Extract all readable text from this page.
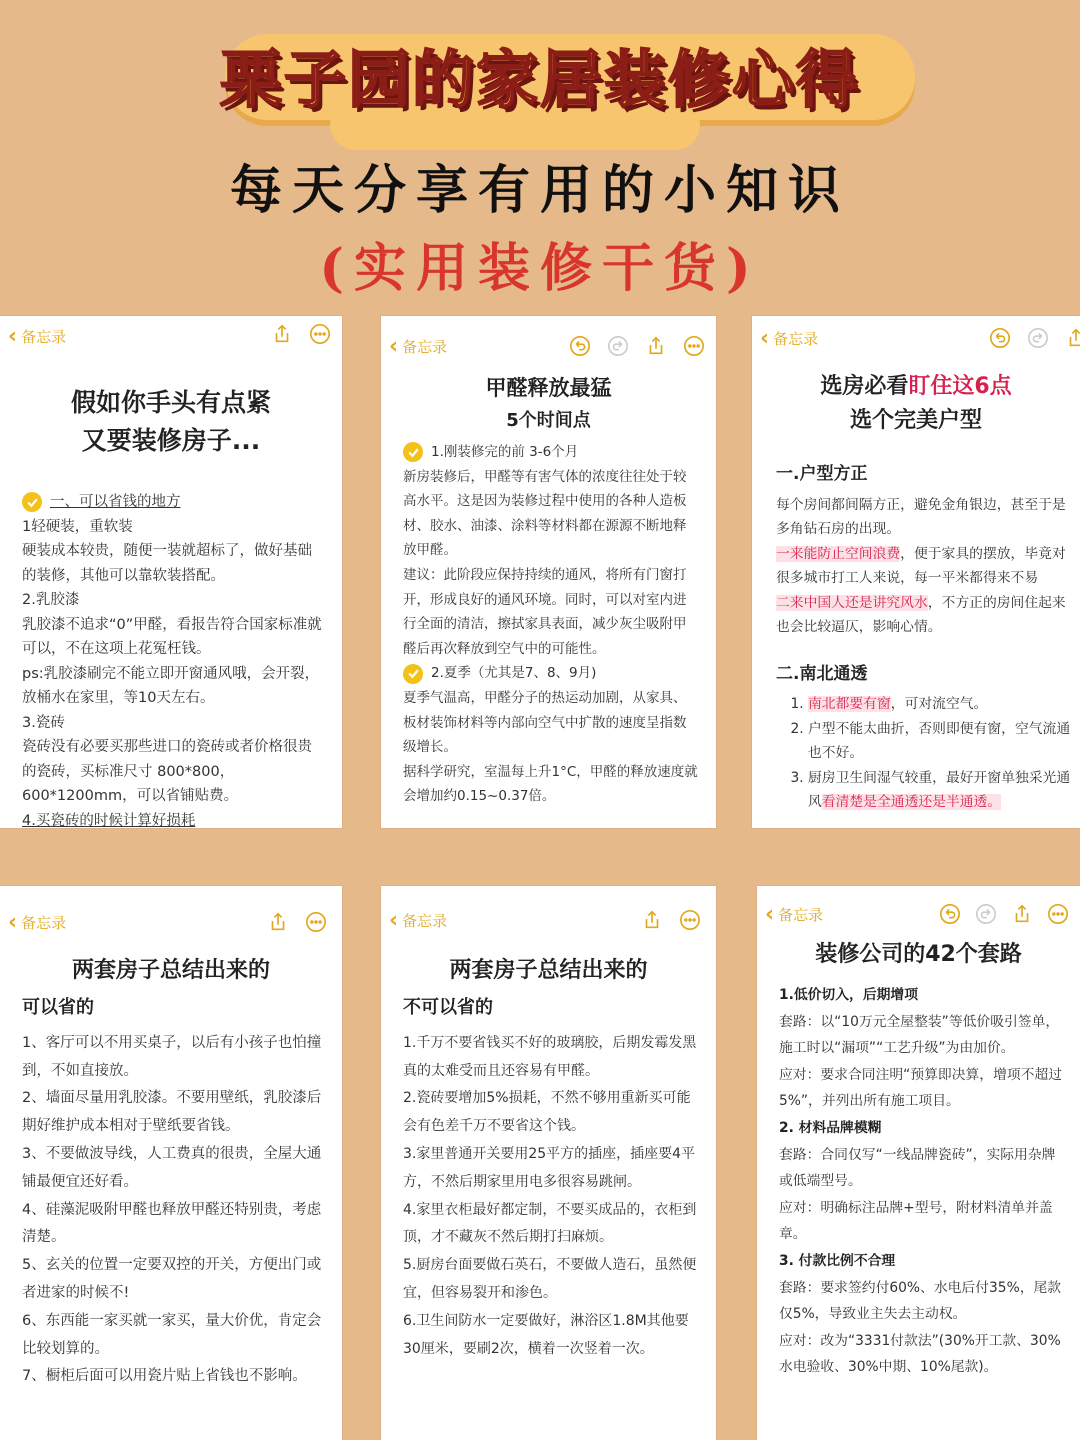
栗子园的家居装修心得
每天分享有用的小知识
(实用装修干货)
‹ 备忘录
假如你手头有点紧
又要装修房子...
一、可以省钱的地方

1轻硬装，重软装

硬装成本较贵，随便一装就超标了，做好基础的装修，其他可以靠软装搭配。

2.乳胶漆

乳胶漆不追求“0”甲醛，看报告符合国家标准就可以，不在这项上花冤枉钱。

ps:乳胶漆刷完不能立即开窗通风哦，会开裂，放桶水在家里，等10天左右。

3.瓷砖

瓷砖没有必要买那些进口的瓷砖或者价格很贵的瓷砖，买标准尺寸 800*800，600*1200mm，可以省铺贴费。

4.买瓷砖的时候计算好损耗

‹ 备忘录
甲醛释放最猛
5个时间点
1.刚装修完的前 3-6个月

新房装修后，甲醛等有害气体的浓度往往处于较高水平。这是因为装修过程中使用的各种人造板材、胶水、油漆、涂料等材料都在源源不断地释放甲醛。

建议：此阶段应保持持续的通风，将所有门窗打开，形成良好的通风环境。同时，可以对室内进行全面的清洁，擦拭家具表面，减少灰尘吸附甲醛后再次释放到空气中的可能性。

2.夏季（尤其是7、8、9月)

夏季气温高，甲醛分子的热运动加剧，从家具、板材装饰材料等内部向空气中扩散的速度呈指数级增长。

据科学研究，室温每上升1°C，甲醛的释放速度就会增加约0.15~0.37倍。

‹ 备忘录
选房必看盯住这6点
选个完美户型
一.户型方正

每个房间都间隔方正，避免金角银边，甚至于是多角钻石房的出现。

一来能防止空间浪费，便于家具的摆放，毕竟对很多城市打工人来说，每一平米都得来不易

二来中国人还是讲究风水，不方正的房间住起来也会比较逼仄，影响心情。

二.南北通透
1. 南北都要有窗，可对流空气。
2. 户型不能太曲折，否则即便有窗，空气流通也不好。
3. 厨房卫生间湿气较重，最好开窗单独采光通风看清楚是全通透还是半通透。
‹ 备忘录
两套房子总结出来的
可以省的

1、客厅可以不用买桌子，以后有小孩子也怕撞到，不如直接放。

2、墙面尽量用乳胶漆。不要用壁纸，乳胶漆后期好维护成本相对于壁纸要省钱。

3、不要做波导线，人工费真的很贵，全屋大通铺最便宜还好看。

4、硅藻泥吸附甲醛也释放甲醛还特别贵，考虑清楚。

5、玄关的位置一定要双控的开关，方便出门或者进家的时候不!

6、东西能一家买就一家买，量大价优，肯定会比较划算的。

7、橱柜后面可以用瓷片贴上省钱也不影响。

‹ 备忘录
两套房子总结出来的
不可以省的

1.千万不要省钱买不好的玻璃胶，后期发霉发黑真的太难受而且还容易有甲醛。

2.瓷砖要增加5%损耗，不然不够用重新买可能会有色差千万不要省这个钱。

3.家里普通开关要用25平方的插座，插座要4平方，不然后期家里用电多很容易跳闸。

4.家里衣柜最好都定制，不要买成品的，衣柜到顶，才不藏灰不然后期打扫麻烦。

5.厨房台面要做石英石，不要做人造石，虽然便宜，但容易裂开和渗色。

6.卫生间防水一定要做好，淋浴区1.8M其他要30厘米，要刷2次，横着一次竖着一次。

‹ 备忘录
装修公司的42个套路

1.低价切入，后期增项

套路：以“10万元全屋整装”等低价吸引签单，施工时以“漏项”“工艺升级”为由加价。

应对：要求合同注明“预算即决算，增项不超过5%”，并列出所有施工项目。

2. 材料品牌模糊

套路：合同仅写“一线品牌瓷砖”，实际用杂牌或低端型号。

应对：明确标注品牌+型号，附材料清单并盖章。

3. 付款比例不合理

套路：要求签约付60%、水电后付35%，尾款仅5%，导致业主失去主动权。

应对：改为“3331付款法”(30%开工款、30%水电验收、30%中期、10%尾款)。
